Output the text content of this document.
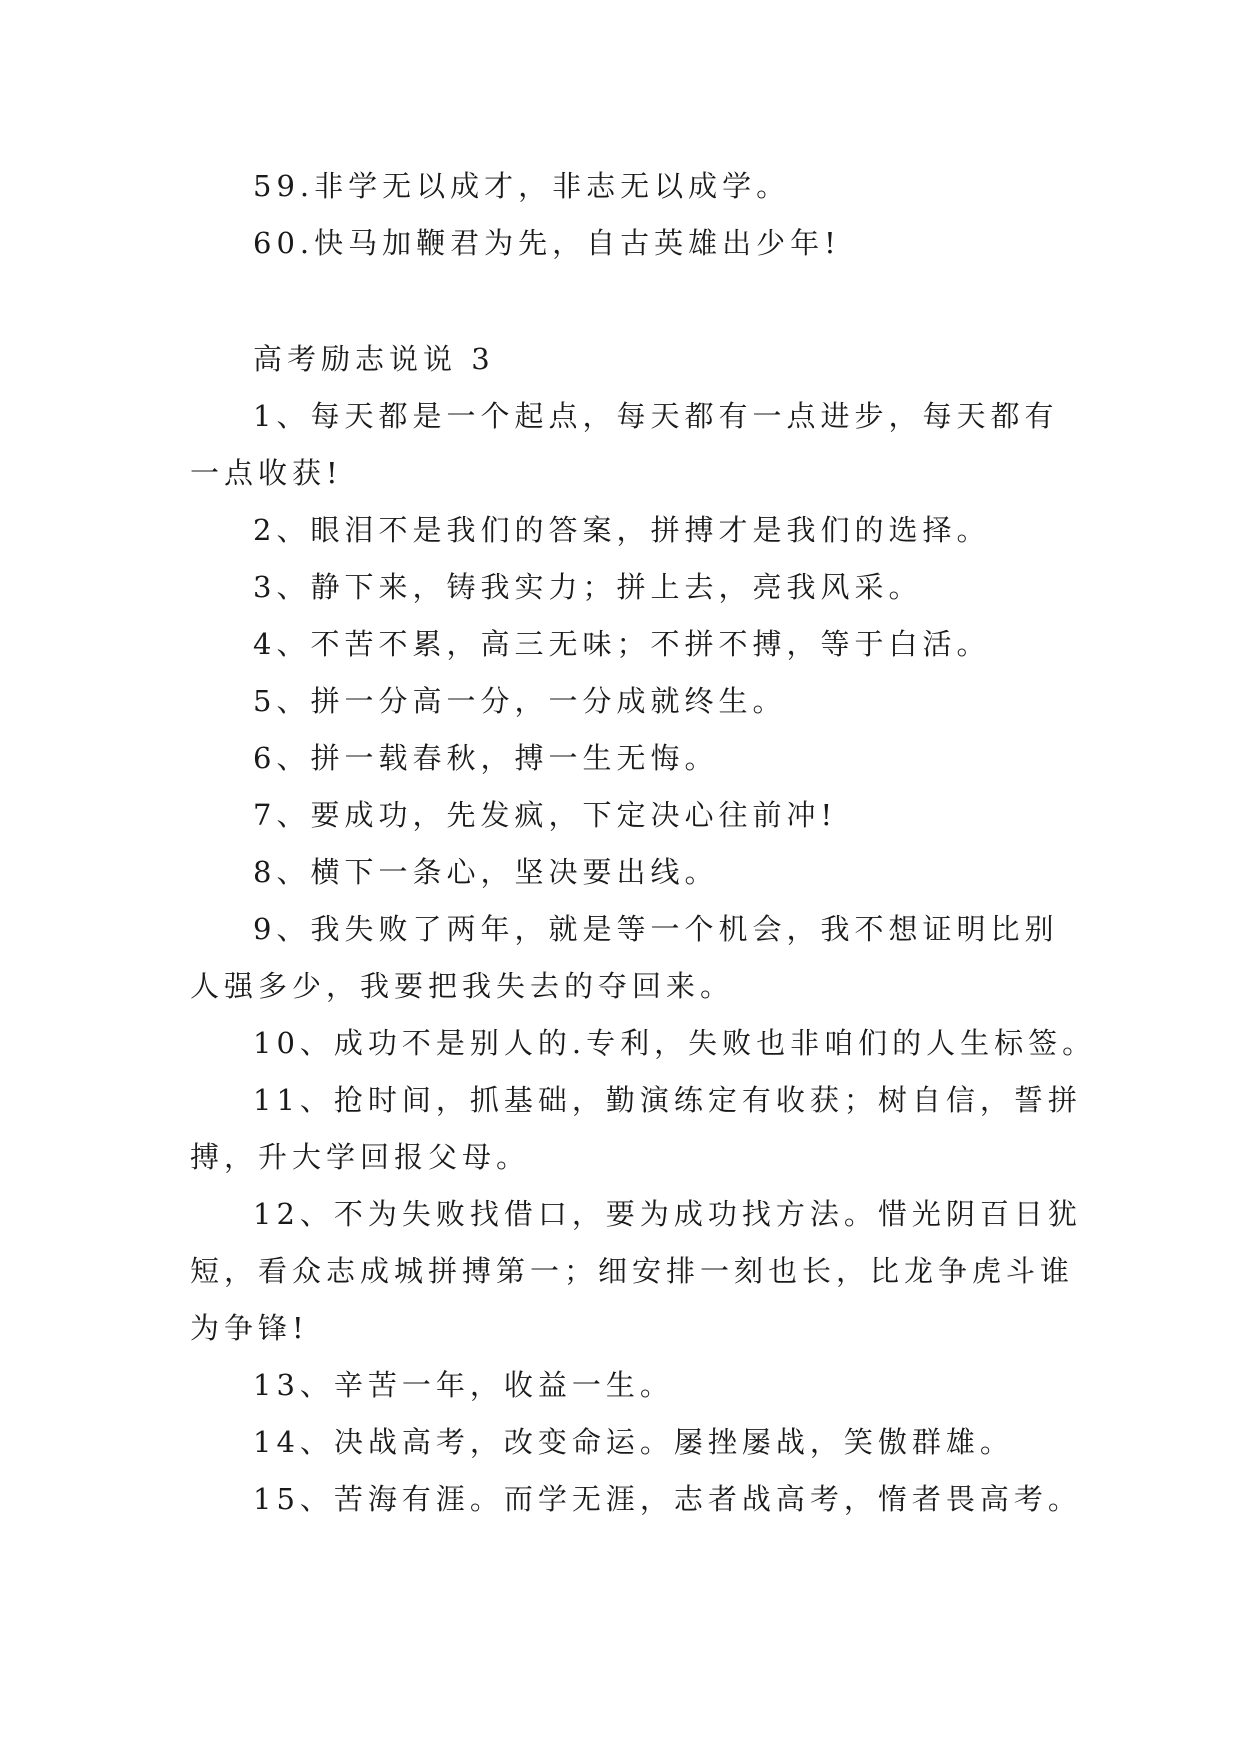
59.非学无以成才，非志无以成学。
60.快马加鞭君为先，自古英雄出少年!
高考励志说说 3
1、每天都是一个起点，每天都有一点进步，每天都有
一点收获!
2、眼泪不是我们的答案，拼搏才是我们的选择。
3、静下来，铸我实力；拼上去，亮我风采。
4、不苦不累，高三无味；不拼不搏，等于白活。
5、拼一分高一分，一分成就终生。
6、拼一载春秋，搏一生无悔。
7、要成功，先发疯，下定决心往前冲!
8、横下一条心，坚决要出线。
9、我失败了两年，就是等一个机会，我不想证明比别
人强多少，我要把我失去的夺回来。
10、成功不是别人的.专利，失败也非咱们的人生标签。
11、抢时间，抓基础，勤演练定有收获；树自信，誓拼
搏，升大学回报父母。
12、不为失败找借口，要为成功找方法。惜光阴百日犹
短，看众志成城拼搏第一；细安排一刻也长，比龙争虎斗谁
为争锋!
13、辛苦一年，收益一生。
14、决战高考，改变命运。屡挫屡战，笑傲群雄。
15、苦海有涯。而学无涯，志者战高考，惰者畏高考。
